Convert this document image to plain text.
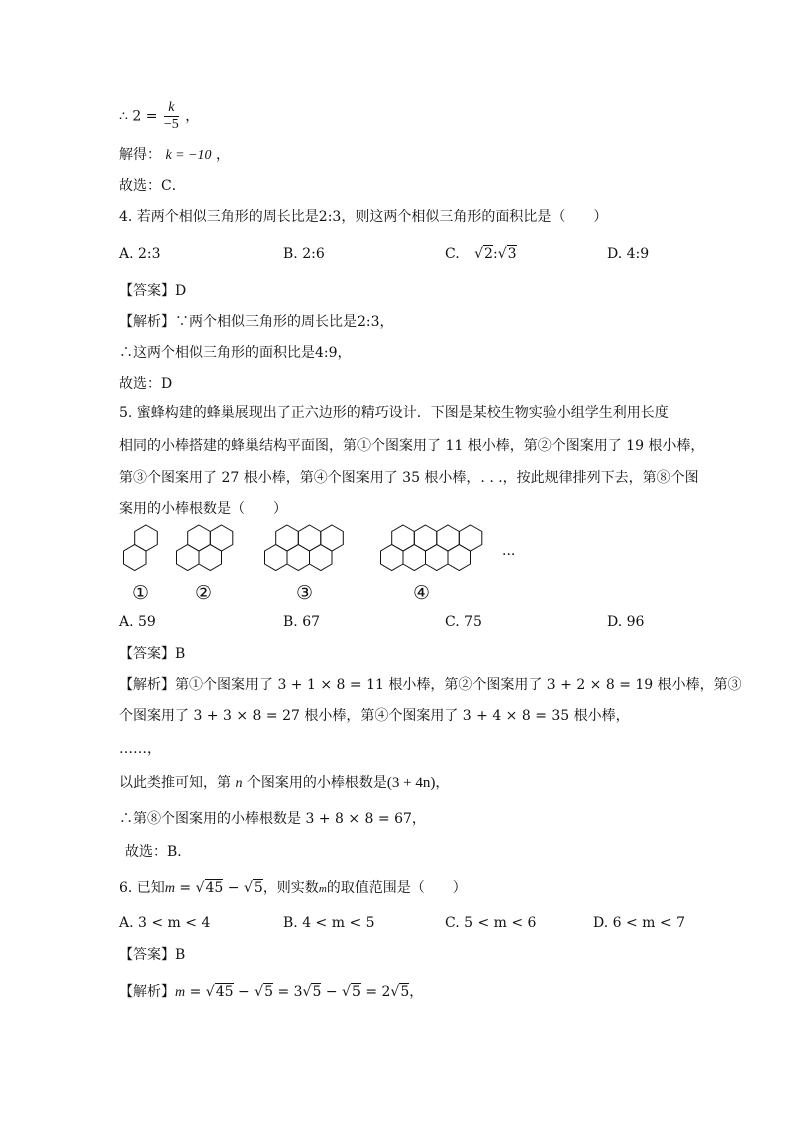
∴ $2 = \frac{k}{-5}$ ，
解得： k = −10 ，
故选：C．
4. 若两个相似三角形的周长比是2:3，则这两个相似三角形的面积比是（　　）
A. 2:3	B. 2:6	C. √2:√3	D. 4:9
【答案】D
【解析】∵两个相似三角形的周长比是2:3，
∴这两个相似三角形的面积比是4:9，
故选：D
5. 蜜蜂构建的蜂巢展现出了正六边形的精巧设计．下图是某校生物实验小组学生利用长度
相同的小棒搭建的蜂巢结构平面图，第①个图案用了 11 根小棒，第②个图案用了 19 根小棒，
第③个图案用了 27 根小棒，第④个图案用了 35 根小棒，. . .，按此规律排列下去，第⑧个图
案用的小棒根数是（　　）
① ②	③	④
···
A. 59	B. 67	C. 75	D. 96
【答案】B
【解析】第①个图案用了 3 + 1 × 8 = 11 根小棒，第②个图案用了 3 + 2 × 8 = 19 根小棒，第③
个图案用了 3 + 3 × 8 = 27 根小棒，第④个图案用了 3 + 4 × 8 = 35 根小棒，
……，
以此类推可知，第 n 个图案用的小棒根数是(3 + 4n)，
∴第⑧个图案用的小棒根数是 3 + 8 × 8 = 67，
故选：B．
6. 已知m = √45 − √5，则实数m的取值范围是（　　）
A. 3 < m < 4	B. 4 < m < 5	C. 5 < m < 6	D. 6 < m < 7
【答案】B
【解析】m = √45 − √5 = 3√5 − √5 = 2√5，
